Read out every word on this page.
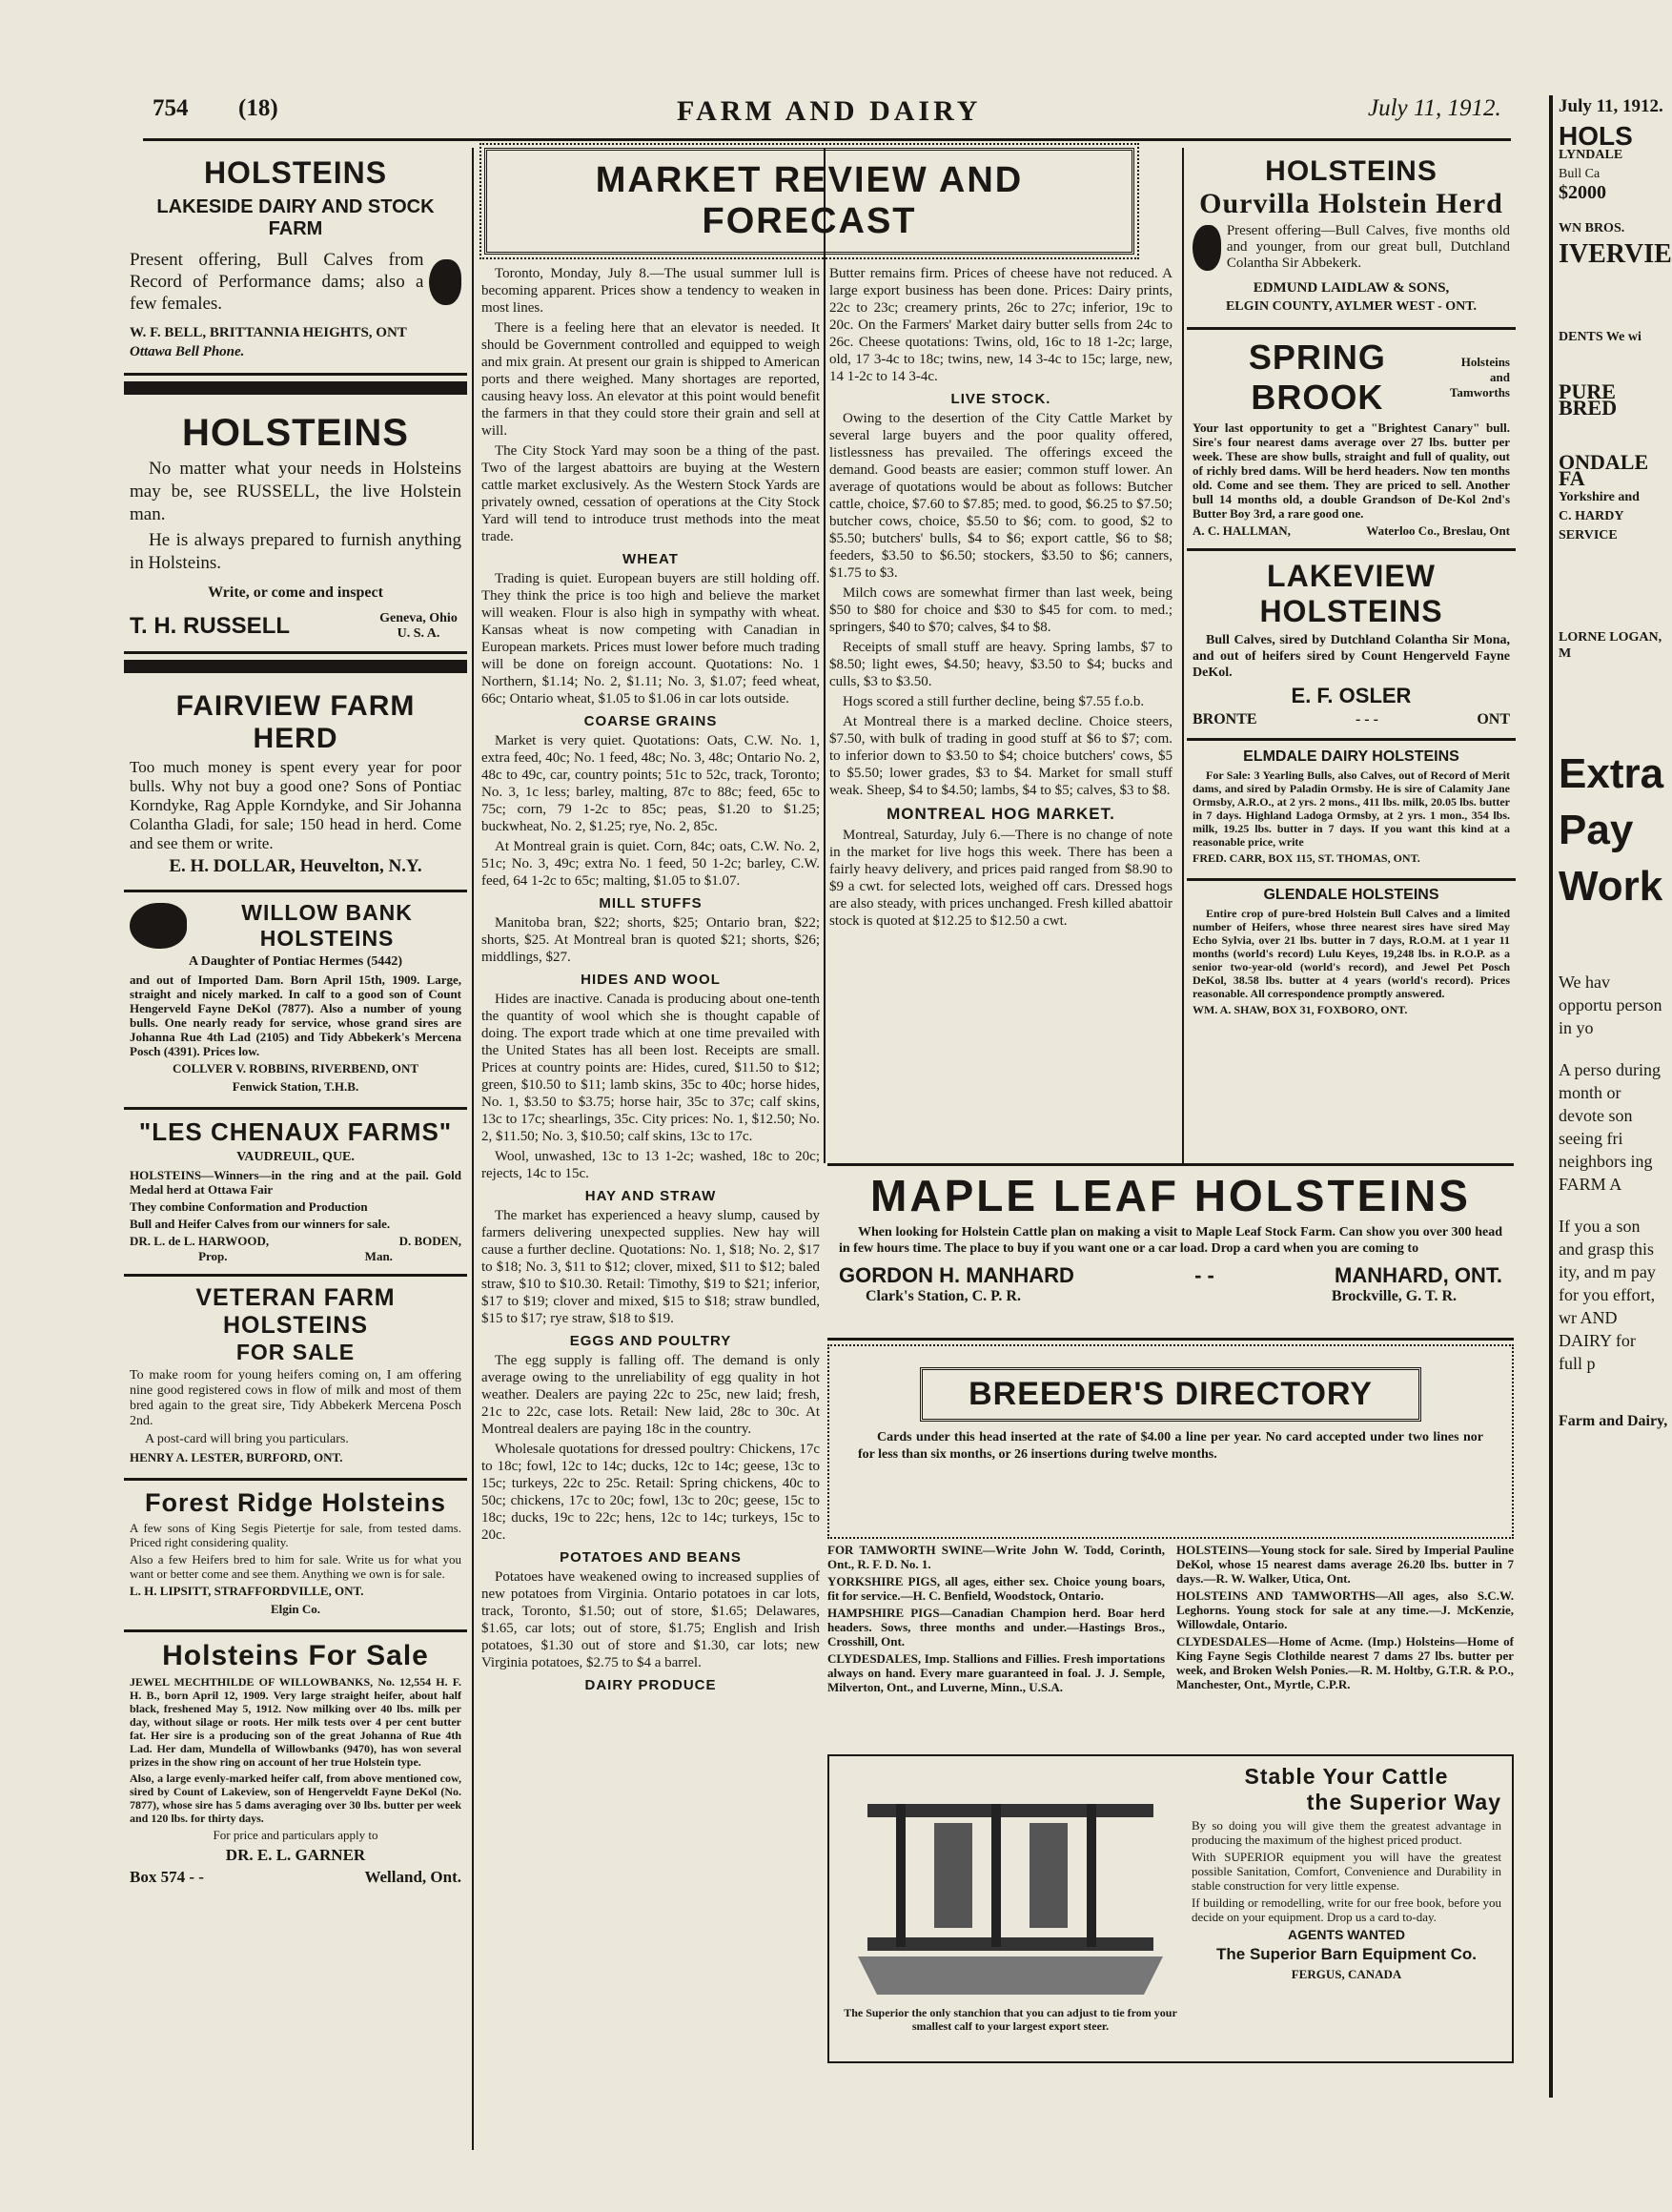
754 (18)	FARM AND DAIRY	July 11, 1912.
HOLSTEINS
LAKESIDE DAIRY AND STOCK FARM

Present offering, Bull Calves from Record of Performance dams; also a few females.

W. F. BELL, BRITTANNIA HEIGHTS, ONT

Ottawa Bell Phone.

HOLSTEINS

No matter what your needs in Holsteins may be, see RUSSELL, the live Holstein man.

He is always prepared to furnish anything in Holsteins.

Write, or come and inspect

T. H. RUSSELL	Geneva, Ohio U. S. A.
FAIRVIEW FARM HERD

Too much money is spent every year for poor bulls. Why not buy a good one? Sons of Pontiac Korndyke, Rag Apple Korndyke, and Sir Johanna Colantha Gladi, for sale; 150 head in herd. Come and see them or write.

E. H. DOLLAR, Heuvelton, N.Y.

WILLOW BANK HOLSTEINS

A Daughter of Pontiac Hermes (5442)

and out of Imported Dam. Born April 15th, 1909. Large, straight and nicely marked. In calf to a good son of Count Hengerveld Fayne DeKol (7877). Also a number of young bulls. One nearly ready for service, whose grand sires are Johanna Rue 4th Lad (2105) and Tidy Abbekerk's Mercena Posch (4391). Prices low.

COLLVER V. ROBBINS, RIVERBEND, ONT

Fenwick Station, T.H.B.

"LES CHENAUX FARMS"

VAUDREUIL, QUE.

HOLSTEINS—Winners—in the ring and at the pail. Gold Medal herd at Ottawa Fair

They combine Conformation and Production

Bull and Heifer Calves from our winners for sale.

DR. L. de L. HARWOOD,	D. BODEN,
Prop.	Man.
VETERAN FARM HOLSTEINS
FOR SALE

To make room for young heifers coming on, I am offering nine good registered cows in flow of milk and most of them bred again to the great sire, Tidy Abbekerk Mercena Posch 2nd.

A post-card will bring you particulars.

HENRY A. LESTER, BURFORD, ONT.

Forest Ridge Holsteins

A few sons of King Segis Pietertje for sale, from tested dams. Priced right considering quality.

Also a few Heifers bred to him for sale. Write us for what you want or better come and see them. Anything we own is for sale.

L. H. LIPSITT, STRAFFORDVILLE, ONT.

Elgin Co.

Holsteins For Sale

JEWEL MECHTHILDE OF WILLOWBANKS, No. 12,554 H. F. H. B., born April 12, 1909. Very large straight heifer, about half black, freshened May 5, 1912. Now milking over 40 lbs. milk per day, without silage or roots. Her milk tests over 4 per cent butter fat. Her sire is a producing son of the great Johanna of Rue 4th Lad. Her dam, Mundella of Willowbanks (9470), has won several prizes in the show ring on account of her true Holstein type.

Also, a large evenly-marked heifer calf, from above mentioned cow, sired by Count of Lakeview, son of Hengerveldt Fayne DeKol (No. 7877), whose sire has 5 dams averaging over 30 lbs. butter per week and 120 lbs. for thirty days.

For price and particulars apply to

DR. E. L. GARNER

Box 574 - -	Welland, Ont.
MARKET REVIEW AND FORECAST

Toronto, Monday, July 8.—The usual summer lull is becoming apparent. Prices show a tendency to weaken in most lines.

There is a feeling here that an elevator is needed. It should be Government controlled and equipped to weigh and mix grain. At present our grain is shipped to American ports and there weighed. Many shortages are reported, causing heavy loss. An elevator at this point would benefit the farmers in that they could store their grain and sell at will.

The City Stock Yard may soon be a thing of the past. Two of the largest abattoirs are buying at the Western cattle market exclusively. As the Western Stock Yards are privately owned, cessation of operations at the City Stock Yard will tend to introduce trust methods into the meat trade.

WHEAT

Trading is quiet. European buyers are still holding off. They think the price is too high and believe the market will weaken. Flour is also high in sympathy with wheat. Kansas wheat is now competing with Canadian in European markets. Prices must lower before much trading will be done on foreign account. Quotations: No. 1 Northern, $1.14; No. 2, $1.11; No. 3, $1.07; feed wheat, 66c; Ontario wheat, $1.05 to $1.06 in car lots outside.

COARSE GRAINS

Market is very quiet. Quotations: Oats, C.W. No. 1, extra feed, 40c; No. 1 feed, 48c; No. 3, 48c; Ontario No. 2, 48c to 49c, car, country points; 51c to 52c, track, Toronto; No. 3, 1c less; barley, malting, 87c to 88c; feed, 65c to 75c; corn, 79 1-2c to 85c; peas, $1.20 to $1.25; buckwheat, No. 2, $1.25; rye, No. 2, 85c.

At Montreal grain is quiet. Corn, 84c; oats, C.W. No. 2, 51c; No. 3, 49c; extra No. 1 feed, 50 1-2c; barley, C.W. feed, 64 1-2c to 65c; malting, $1.05 to $1.07.

MILL STUFFS

Manitoba bran, $22; shorts, $25; Ontario bran, $22; shorts, $25. At Montreal bran is quoted $21; shorts, $26; middlings, $27.

HIDES AND WOOL

Hides are inactive. Canada is producing about one-tenth the quantity of wool which she is thought capable of doing. The export trade which at one time prevailed with the United States has all been lost. Receipts are small. Prices at country points are: Hides, cured, $11.50 to $12; green, $10.50 to $11; lamb skins, 35c to 40c; horse hides, No. 1, $3.50 to $3.75; horse hair, 35c to 37c; calf skins, 13c to 17c; shearlings, 35c. City prices: No. 1, $12.50; No. 2, $11.50; No. 3, $10.50; calf skins, 13c to 17c.

Wool, unwashed, 13c to 13 1-2c; washed, 18c to 20c; rejects, 14c to 15c.

HAY AND STRAW

The market has experienced a heavy slump, caused by farmers delivering unexpected supplies. New hay will cause a further decline. Quotations: No. 1, $18; No. 2, $17 to $18; No. 3, $11 to $12; clover, mixed, $11 to $12; baled straw, $10 to $10.30. Retail: Timothy, $19 to $21; inferior, $17 to $19; clover and mixed, $15 to $18; straw bundled, $15 to $17; rye straw, $18 to $19.

EGGS AND POULTRY

The egg supply is falling off. The demand is only average owing to the unreliability of egg quality in hot weather. Dealers are paying 22c to 25c, new laid; fresh, 21c to 22c, case lots. Retail: New laid, 28c to 30c. At Montreal dealers are paying 18c in the country.

Wholesale quotations for dressed poultry: Chickens, 17c to 18c; fowl, 12c to 14c; ducks, 12c to 14c; geese, 13c to 15c; turkeys, 22c to 25c. Retail: Spring chickens, 40c to 50c; chickens, 17c to 20c; fowl, 13c to 20c; geese, 15c to 18c; ducks, 19c to 22c; hens, 12c to 14c; turkeys, 15c to 20c.

POTATOES AND BEANS

Potatoes have weakened owing to increased supplies of new potatoes from Virginia. Ontario potatoes in car lots, track, Toronto, $1.50; out of store, $1.65; Delawares, $1.65, car lots; out of store, $1.75; English and Irish potatoes, $1.30 out of store and $1.30, car lots; new Virginia potatoes, $2.75 to $4 a barrel.

DAIRY PRODUCE

Butter remains firm. Prices of cheese have not reduced. A large export business has been done. Prices: Dairy prints, 22c to 23c; creamery prints, 26c to 27c; inferior, 19c to 20c. On the Farmers' Market dairy butter sells from 24c to 26c. Cheese quotations: Twins, old, 16c to 18 1-2c; large, old, 17 3-4c to 18c; twins, new, 14 3-4c to 15c; large, new, 14 1-2c to 14 3-4c.

LIVE STOCK.

Owing to the desertion of the City Cattle Market by several large buyers and the poor quality offered, listlessness has prevailed. The offerings exceed the demand. Good beasts are easier; common stuff lower. An average of quotations would be about as follows: Butcher cattle, choice, $7.60 to $7.85; med. to good, $6.25 to $7.50; butcher cows, choice, $5.50 to $6; com. to good, $2 to $5.50; butchers' bulls, $4 to $6; export cattle, $6 to $8; feeders, $3.50 to $6.50; stockers, $3.50 to $6; canners, $1.75 to $3.

Milch cows are somewhat firmer than last week, being $50 to $80 for choice and $30 to $45 for com. to med.; springers, $40 to $70; calves, $4 to $8.

Receipts of small stuff are heavy. Spring lambs, $7 to $8.50; light ewes, $4.50; heavy, $3.50 to $4; bucks and culls, $3 to $3.50.

Hogs scored a still further decline, being $7.55 f.o.b.

At Montreal there is a marked decline. Choice steers, $7.50, with bulk of trading in good stuff at $6 to $7; com. to inferior down to $3.50 to $4; choice butchers' cows, $5 to $5.50; lower grades, $3 to $4. Market for small stuff weak. Sheep, $4 to $4.50; lambs, $4 to $5; calves, $3 to $8.

MONTREAL HOG MARKET.

Montreal, Saturday, July 6.—There is no change of note in the market for live hogs this week. There has been a fairly heavy delivery, and prices paid ranged from $8.90 to $9 a cwt. for selected lots, weighed off cars. Dressed hogs are also steady, with prices unchanged. Fresh killed abattoir stock is quoted at $12.25 to $12.50 a cwt.

HOLSTEINS
Ourvilla Holstein Herd

Present offering—Bull Calves, five months old and younger, from our great bull, Dutchland Colantha Sir Abbekerk.

EDMUND LAIDLAW & SONS,

ELGIN COUNTY, AYLMER WEST - ONT.

SPRING BROOK
Holsteins and Tamworths

Your last opportunity to get a "Brightest Canary" bull. Sire's four nearest dams average over 27 lbs. butter per week. These are show bulls, straight and full of quality, out of richly bred dams. Will be herd headers. Now ten months old. Come and see them. They are priced to sell. Another bull 14 months old, a double Grandson of De-Kol 2nd's Butter Boy 3rd, a rare good one.

A. C. HALLMAN,	Waterloo Co., Breslau, Ont
LAKEVIEW HOLSTEINS

Bull Calves, sired by Dutchland Colantha Sir Mona, and out of heifers sired by Count Hengerveld Fayne DeKol.

E. F. OSLER

BRONTE	- - -	ONT
ELMDALE DAIRY HOLSTEINS

For Sale: 3 Yearling Bulls, also Calves, out of Record of Merit dams, and sired by Paladin Ormsby. He is sire of Calamity Jane Ormsby, A.R.O., at 2 yrs. 2 mons., 411 lbs. milk, 20.05 lbs. butter in 7 days. Highland Ladoga Ormsby, at 2 yrs. 1 mon., 354 lbs. milk, 19.25 lbs. butter in 7 days. If you want this kind at a reasonable price, write

FRED. CARR, BOX 115, ST. THOMAS, ONT.

GLENDALE HOLSTEINS

Entire crop of pure-bred Holstein Bull Calves and a limited number of Heifers, whose three nearest sires have sired May Echo Sylvia, over 21 lbs. butter in 7 days, R.O.M. at 1 year 11 months (world's record) Lulu Keyes, 19,248 lbs. in R.O.P. as a senior two-year-old (world's record), and Jewel Pet Posch DeKol, 38.58 lbs. butter at 4 years (world's record). Prices reasonable. All correspondence promptly answered.

WM. A. SHAW, BOX 31, FOXBORO, ONT.

MAPLE LEAF HOLSTEINS

When looking for Holstein Cattle plan on making a visit to Maple Leaf Stock Farm. Can show you over 300 head in few hours time. The place to buy if you want one or a car load. Drop a card when you are coming to

GORDON H. MANHARD	- -	MANHARD, ONT.
Clark's Station, C. P. R.	Brockville, G. T. R.
BREEDER'S DIRECTORY

Cards under this head inserted at the rate of $4.00 a line per year. No card accepted under two lines nor for less than six months, or 26 insertions during twelve months.

FOR TAMWORTH SWINE—Write John W. Todd, Corinth, Ont., R. F. D. No. 1.

YORKSHIRE PIGS, all ages, either sex. Choice young boars, fit for service.—H. C. Benfield, Woodstock, Ontario.

HAMPSHIRE PIGS—Canadian Champion herd. Boar herd headers. Sows, three months and under.—Hastings Bros., Crosshill, Ont.

CLYDESDALES, Imp. Stallions and Fillies. Fresh importations always on hand. Every mare guaranteed in foal. J. J. Semple, Milverton, Ont., and Luverne, Minn., U.S.A.

HOLSTEINS—Young stock for sale. Sired by Imperial Pauline DeKol, whose 15 nearest dams average 26.20 lbs. butter in 7 days.—R. W. Walker, Utica, Ont.

HOLSTEINS AND TAMWORTHS—All ages, also S.C.W. Leghorns. Young stock for sale at any time.—J. McKenzie, Willowdale, Ontario.

CLYDESDALES—Home of Acme. (Imp.) Holsteins—Home of King Fayne Segis Clothilde nearest 7 dams 27 lbs. butter per week, and Broken Welsh Ponies.—R. M. Holtby, G.T.R. & P.O., Manchester, Ont., Myrtle, C.P.R.

The Superior the only stanchion that you can adjust to tie from your smallest calf to your largest export steer.

Stable Your Cattle
the Superior Way

By so doing you will give them the greatest advantage in producing the maximum of the highest priced product.

With SUPERIOR equipment you will have the greatest possible Sanitation, Comfort, Convenience and Durability in stable construction for very little expense.

If building or remodelling, write for our free book, before you decide on your equipment. Drop us a card to-day.

AGENTS WANTED

The Superior Barn Equipment Co.

FERGUS, CANADA

July 11, 1912.

HOLS

LYNDALE

Bull Ca

$2000

WN BROS.

IVERVIE

DENTS We wi

PURE BRED

ONDALE FA

Yorkshire and

C. HARDY

SERVICE

LORNE LOGAN, M

Extra

Pay

Work

We hav opportu person in yo

A perso during month or devote son seeing fri neighbors ing FARM A

If you a son and grasp this ity, and m pay for you effort, wr AND DAIRY for full p

Farm and Dairy,
